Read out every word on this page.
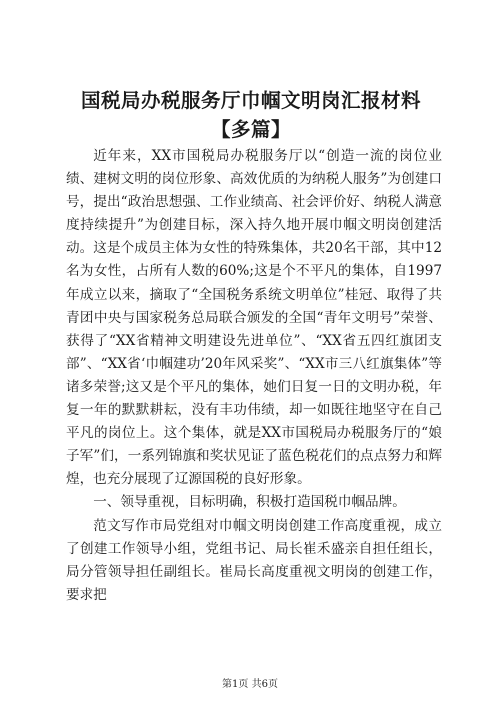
国税局办税服务厅巾帼文明岗汇报材料【多篇】

近年来，XX市国税局办税服务厅以“创造一流的岗位业绩、建树文明的岗位形象、高效优质的为纳税人服务”为创建口号，提出“政治思想强、工作业绩高、社会评价好、纳税人满意度持续提升”为创建目标，深入持久地开展巾帼文明岗创建活动。这是个成员主体为女性的特殊集体，共20名干部，其中12名为女性，占所有人数的60%;这是个不平凡的集体，自1997年成立以来，摘取了“全国税务系统文明单位”桂冠、取得了共青团中央与国家税务总局联合颁发的全国“青年文明号”荣誉、获得了“XX省精神文明建设先进单位”、“XX省五四红旗团支部”、“XX省‘巾帼建功’20年风采奖”、“XX市三八红旗集体”等诸多荣誉;这又是个平凡的集体，她们日复一日的文明办税，年复一年的默默耕耘，没有丰功伟绩，却一如既往地坚守在自己平凡的岗位上。这个集体，就是XX市国税局办税服务厅的“娘子军”们，一系列锦旗和奖状见证了蓝色税花们的点点努力和辉煌，也充分展现了辽源国税的良好形象。

一、领导重视，目标明确，积极打造国税巾帼品牌。

范文写作市局党组对巾帼文明岗创建工作高度重视，成立了创建工作领导小组，党组书记、局长崔禾盛亲自担任组长，局分管领导担任副组长。崔局长高度重视文明岗的创建工作，要求把

第1页 共6页
